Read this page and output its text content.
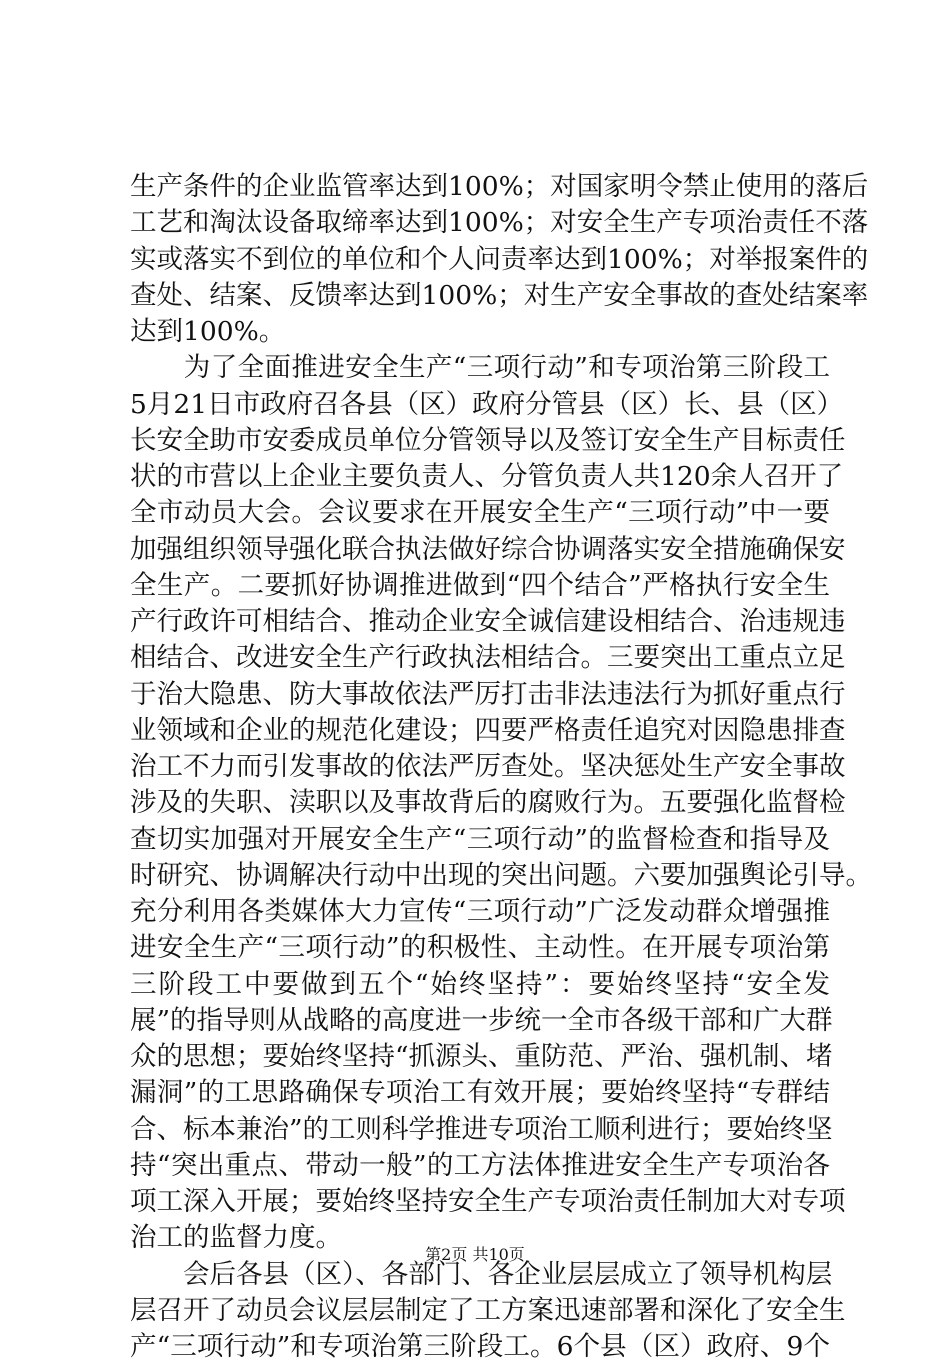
生产条件的企业监管率达到100%；对国家明令禁止使用的落后
工艺和淘汰设备取缔率达到100%；对安全生产专项治责任不落
实或落实不到位的单位和个人问责率达到100%；对举报案件的
查处、结案、反馈率达到100%；对生产安全事故的查处结案率
达到100%。
　　为了全面推进安全生产“三项行动”和专项治第三阶段工
5月21日市政府召各县（区）政府分管县（区）长、县（区）
长安全助市安委成员单位分管领导以及签订安全生产目标责任
状的市营以上企业主要负责人、分管负责人共120余人召开了
全市动员大会。会议要求在开展安全生产“三项行动”中一要
加强组织领导强化联合执法做好综合协调落实安全措施确保安
全生产。二要抓好协调推进做到“四个结合”严格执行安全生
产行政许可相结合、推动企业安全诚信建设相结合、治违规违
相结合、改进安全生产行政执法相结合。三要突出工重点立足
于治大隐患、防大事故依法严厉打击非法违法行为抓好重点行
业领域和企业的规范化建设；四要严格责任追究对因隐患排查
治工不力而引发事故的依法严厉查处。坚决惩处生产安全事故
涉及的失职、渎职以及事故背后的腐败行为。五要强化监督检
查切实加强对开展安全生产“三项行动”的监督检查和指导及
时研究、协调解决行动中出现的突出问题。六要加强舆论引导。
充分利用各类媒体大力宣传“三项行动”广泛发动群众增强推
进安全生产“三项行动”的积极性、主动性。在开展专项治第
三阶段工中要做到五个“始终坚持”：要始终坚持“安全发
展”的指导则从战略的高度进一步统一全市各级干部和广大群
众的思想；要始终坚持“抓源头、重防范、严治、强机制、堵
漏洞”的工思路确保专项治工有效开展；要始终坚持“专群结
合、标本兼治”的工则科学推进专项治工顺利进行；要始终坚
持“突出重点、带动一般”的工方法体推进安全生产专项治各
项工深入开展；要始终坚持安全生产专项治责任制加大对专项
治工的监督力度。
　　会后各县（区）、各部门、各企业层层成立了领导机构层
层召开了动员会议层层制定了工方案迅速部署和深化了安全生
产“三项行动”和专项治第三阶段工。6个县（区）政府、9个
第2页 共10页
